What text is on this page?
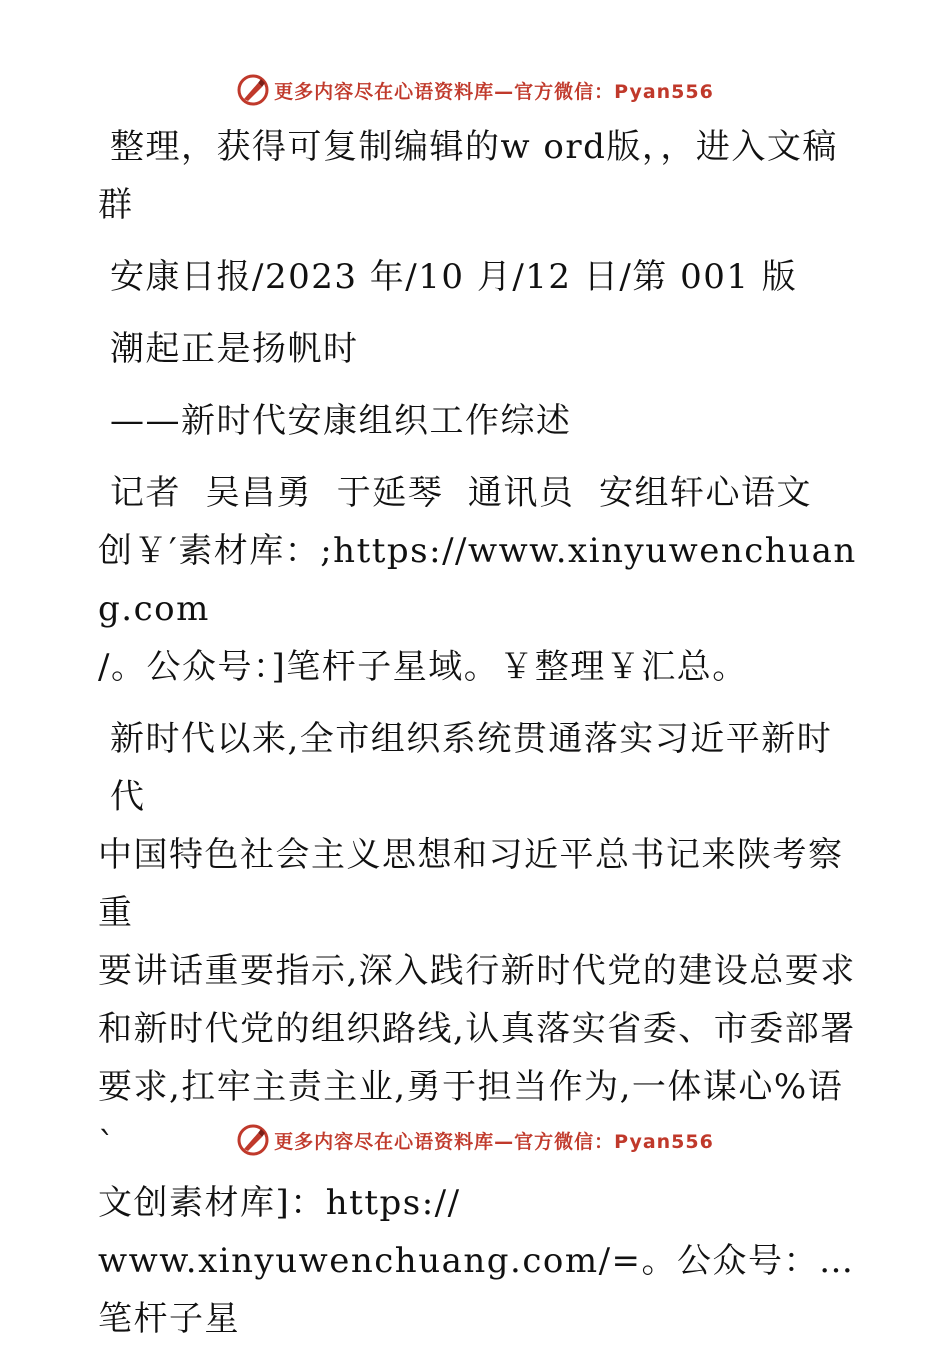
更多内容尽在心语资料库—官方微信：Pyan556

整理，获得可复制编辑的w ord版，，进入文稿

群

安康日报/2023 年/10 月/12 日/第 001 版

潮起正是扬帆时

——新时代安康组织工作综述

记者  吴昌勇  于延琴  通讯员  安组轩心语文

创￥′素材库：;https://www.xinyuwenchuang.com

/。公众号：]笔杆子星域。￥整理￥汇总。

新时代以来,全市组织系统贯通落实习近平新时代

中国特色社会主义思想和习近平总书记来陕考察重

要讲话重要指示,深入践行新时代党的建设总要求

和新时代党的组织路线,认真落实省委、市委部署

要求,扛牢主责主业,勇于担当作为,一体谋心%语ˋ

文创素材库]：https://

www.xinyuwenchuang.com/=。公众号：…笔杆子星

更多内容尽在心语资料库—官方微信：Pyan556
